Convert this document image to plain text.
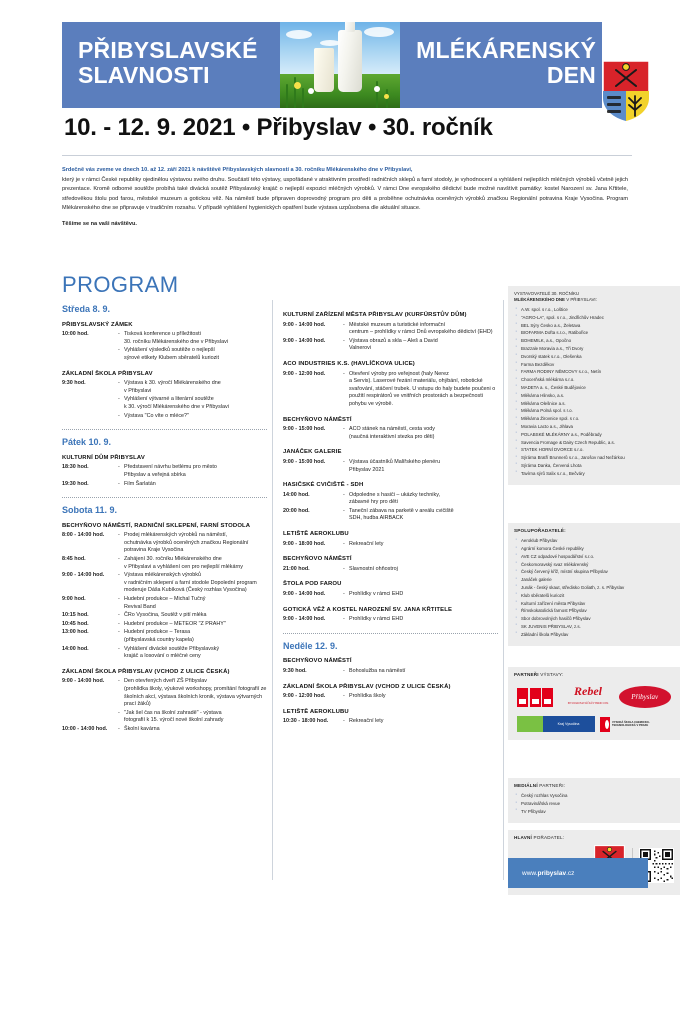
PŘIBYSLAVSKÉ SLAVNOSTI
MLÉKÁRENSKÝ DEN
10. - 12. 9. 2021 • Přibyslav • 30. ročník
Srdečně vás zveme ve dnech 10. až 12. září 2021 k návštěvě Přibyslavských slavností a 30. ročníku Mlékárenského dne v Přibyslavi,

který je v rámci České republiky ojedinělou výstavou svého druhu. Součástí této výstavy, uspořádané v atraktivním prostředí radničních sklepů a farní stodoly, je vyhodnocení a vyhlášení nejlepších mléčných výrobků včetně jejich prezentace. Kromě odborné soutěže probíhá také divácká soutěž Přibyslavský krajáč o nejlepší expozici mléčných výrobků. V rámci Dne evropského dědictví bude možné navštívit památky: kostel Narození sv. Jana Křtitele, středověkou štolu pod farou, městské muzeum a gotickou věž. Na náměstí bude připraven doprovodný program pro děti a proběhne ochutnávka oceněných výrobků značkou Regionální potravina Kraje Vysočina. Program Mlékárenského dne se připravuje v tradičním rozsahu. V případě vyhlášení hygienických opatření bude výstava uzpůsobena dle aktuální situace.

Těšíme se na vaši návštěvu.
PROGRAM
Středa 8. 9.
PŘIBYSLAVSKÝ ZÁMEK
10:00 hod.	- Tisková konference u příležitosti
30. ročníku Mlékárenského dne v Přibyslavi
- Vyhlášení výsledků soutěže o nejlepší
sýrové etikety Klubem sběratelů kuriozit
ZÁKLADNÍ ŠKOLA PŘIBYSLAV
9:30 hod.	- Výstava k 30. výročí Mlékárenského dne
v Přibyslavi
- Vyhlášení výtvarné a literární soutěže
k 30. výročí Mlékárenského dne v Přibyslavi
- Výstava "Co víte o mléce?"
Pátek 10. 9.
KULTURNÍ DŮM PŘIBYSLAV
18:30 hod.	- Představení návrhu betlému pro město
Přibyslav a veřejná sbírka
19:30 hod.	- Film Šarlatán
Sobota 11. 9.
BECHYŇOVO NÁMĚSTÍ, RADNIČNÍ SKLEPENÍ, FARNÍ STODOLA
8:00 - 14:00 hod.	- Prodej mlékárenských výrobků na náměstí,
ochutnávka výrobků oceněných značkou Regionální potravina Kraje Vysočina
8:45 hod.	- Zahájení 30. ročníku Mlékárenského dne
v Přibyslavi a vyhlášení cen pro nejlepší mlékárny
9:00 - 14:00 hod.	- Výstava mlékárenských výrobků
v radničním sklepení a farní stodole Dopolední program moderuje Dáša Kubíková (Český rozhlas Vysočina)
9:00 hod.	- Hudební produkce – Michal Tučný
Revival Band
10:15 hod.	- ČRo Vysočina, Soutěž v pití mléka
10:45 hod.	- Hudební produkce – METEOR "Z PRAHY"
13:00 hod.	- Hudební produkce – Terasa
(přibyslavská country kapela)
14:00 hod.	- Vyhlášení divácké soutěže Přibyslavský
krajáč a losování o mléčné ceny
ZÁKLADNÍ ŠKOLA PŘIBYSLAV (VCHOD Z ULICE ČESKÁ)
9:00 - 14:00 hod.	- Den otevřených dveří ZŠ Přibyslav
(prohlídka školy, výukové workshopy, promítání fotografií ze školních akcí, výstava školních kronik, výstava výtvarných prací žáků)
- "Jak šel čas na školní zahradě" - výstava
fotografií k 15. výročí nové školní zahrady
10:00 - 14:00 hod.	- Školní kavárna
KULTURNÍ ZAŘÍZENÍ MĚSTA PŘIBYSLAV (KURFÜRSTŮV DŮM)
9:00 - 14:00 hod.	- Městské muzeum a turistické informační
centrum – prohlídky v rámci Dnů evropského dědictví (EHD)
9:00 - 14:00 hod.	- Výstava obrazů a skla – Aleš a David
Valnerovi
ACO INDUSTRIES K.S. (HAVLÍČKOVA ULICE)
9:00 - 12:00 hod.	- Otevření výroby pro veřejnost (haly Nerez
a Servis). Laserové řezání materiálu, ohýbání, robotické svařování, stáčení trubek. U vstupu do haly budete poučeni o použití respirátorů ve vnitřních prostorách a bezpečnosti pohybu ve výrobě.
BECHYŇOVO NÁMĚSTÍ
9:00 - 15:00 hod.	- ACO stánek na náměstí, cesta vody
(naučná interaktivní stezka pro děti)
JANÁČEK GALERIE
9:00 - 15:00 hod.	- Výstava účastníků Malířského plenéru
Přibyslav 2021
HASIČSKÉ CVIČIŠTĚ - SDH
14:00 hod.	- Odpoledne s hasiči – ukázky techniky,
zábavné hry pro děti
20:00 hod.	- Taneční zábava na parketě v areálu cvičiště
SDH, hudba AIRBACK
LETIŠTĚ AEROKLUBU
9:00 - 18:00 hod.	- Rekreační lety
BECHYŇOVO NÁMĚSTÍ
21:00 hod.	- Slavnostní ohňostroj
ŠTOLA POD FAROU
9:00 - 14:00 hod.	- Prohlídky v rámci EHD
GOTICKÁ VĚŽ A KOSTEL NAROZENÍ SV. JANA KŘTITELE
9:00 - 14:00 hod.	- Prohlídky v rámci EHD
Neděle 12. 9.
BECHYŇOVO NÁMĚSTÍ
9:30 hod.	- Bohoslužba na náměstí
ZÁKLADNÍ ŠKOLA PŘIBYSLAV (VCHOD Z ULICE ČESKÁ)
9:00 - 12:00 hod.	- Prohlídka školy
LETIŠTĚ AEROKLUBU
10:30 - 18:00 hod.	- Rekreační lety
VYSTAVOVATELÉ 30. ROČNÍKU
MLÉKÁRENSKÉHO DNE V PŘIBYSLAVI:
· A.W. spol. s r.o., Loštice
· "AGRO-LA", spol. s r.o., Jindřichův Hradec
· BEL Sýry Česko a.s., Želetava
· BIOFARMA Dofta s.r.o., Ratibořice
· BOHEMILK, a.s., Opočno
· Brazzale Moravia a.s., Tři Dvory
· Dvorský statek s.r.o., Olešenka
· Farma Bezděkov
· FARMA RODINY NĚMCOVY s.r.o., Netín
· Chocerňská mlékárna s.r.o.
· MADETA a. s., České Budějovice
· Mlékárna Hlinsko, a.s.
· Mlékárna Olešnice a.s.
· Mlékárna Polná spol. s r.o.
· Mlékárna Žirovnice spol. s r.o.
· Moravia Lacto a.s., Jihlava
· POLABSKÉ MLÉKÁRNY a.s., Poděbrady
· Savencia Fromage & Dairy Czech Republic, a.s.
· STATEK HORNÍ DVORCE s.r.o.
· Sýrárna Bratří Brunnerů s.r.o., Jarošov nad Nežárkou
· Sýrárna Danka, Červená Lhota
· Tavírna sýrů Salix s.r.o., Bečváry
SPOLUPOŘADATELÉ:
· Aeroklub Přibyslav
· Agrární komora České republiky
· AVE CZ odpadové hospodářství s.r.o.
· Českomoravský svaz mlékárenský
· Český červený kříž, místní skupina Přibyslav
· Janáček galerie
· Junák - český skaut, středisko Goliath, z. s. Přibyslav
· Klub sběratelů kuriozit
· Kulturní zařízení města Přibyslav
· Římskokatolická farnost Přibyslav
· Sbor dobrovolných hasičů Přibyslav
· SK JUVENIS PŘIBYSLAV, z.s.
· Základní škola Přibyslav
PARTNEŘI VÝSTAVY:
Rebel
PIVOVAR HAVLÍČKŮV BROD 1834
Přibyslav
Kraj Vysočina	VYSOKÁ ŠKOLA CHEMICKO-TECHNOLOGICKÁ V PRAZE
MEDIÁLNÍ PARTNEŘI:
· Český rozhlas Vysočina
· Potravinářská revue
· TV Přibyslav
HLAVNÍ POŘADATEL:
·
www. pribyslav .cz
